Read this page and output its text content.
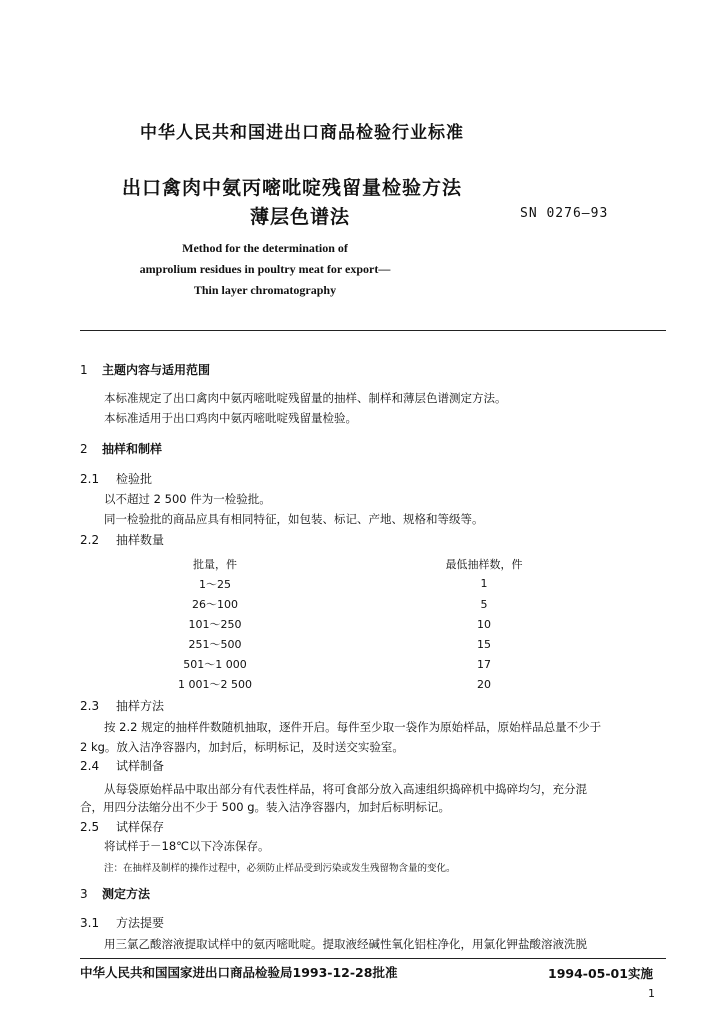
中华人民共和国进出口商品检验行业标准
出口禽肉中氨丙嘧吡啶残留量检验方法
薄层色谱法	SN 0276—93
Method for the determination of
amprolium residues in poultry meat for export—
Thin layer chromatography
1 主题内容与适用范围
本标准规定了出口禽肉中氨丙嘧吡啶残留量的抽样、制样和薄层色谱测定方法。
本标准适用于出口鸡肉中氨丙嘧吡啶残留量检验。
2 抽样和制样
2.1 检验批
以不超过 2 500 件为一检验批。
同一检验批的商品应具有相同特征，如包装、标记、产地、规格和等级等。
2.2 抽样数量
批量，件	最低抽样数，件
1～25	1
26～100	5
101～250	10
251～500	15
501～1 000	17
1 001～2 500	20
2.3 抽样方法
按 2.2 规定的抽样件数随机抽取，逐件开启。每件至少取一袋作为原始样品，原始样品总量不少于
2 kg。放入洁净容器内，加封后，标明标记，及时送交实验室。
2.4 试样制备
从每袋原始样品中取出部分有代表性样品，将可食部分放入高速组织捣碎机中捣碎均匀，充分混
合，用四分法缩分出不少于 500 g。装入洁净容器内，加封后标明标记。
2.5 试样保存
将试样于－18℃以下冷冻保存。
注：在抽样及制样的操作过程中，必须防止样品受到污染或发生残留物含量的变化。
3 测定方法
3.1 方法提要
用三氯乙酸溶液提取试样中的氨丙嘧吡啶。提取液经碱性氧化铝柱净化，用氯化钾盐酸溶液洗脱
中华人民共和国国家进出口商品检验局1993-12-28批准	1994-05-01实施
1
